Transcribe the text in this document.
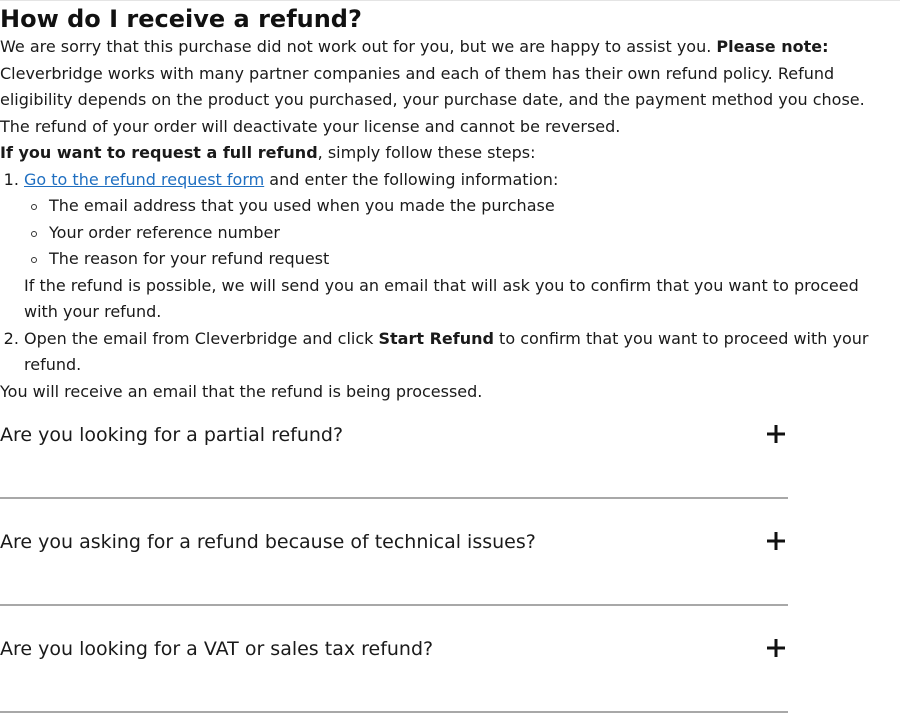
How do I receive a refund?

We are sorry that this purchase did not work out for you, but we are happy to assist you. Please note: Cleverbridge works with many partner companies and each of them has their own refund policy. Refund eligibility depends on the product you purchased, your purchase date, and the payment method you chose. The refund of your order will deactivate your license and cannot be reversed.

If you want to request a full refund, simply follow these steps:

1. Go to the refund request form and enter the following information:
The email address that you used when you made the purchase
Your order reference number
The reason for your refund request
If the refund is possible, we will send you an email that will ask you to confirm that you want to proceed with your refund.
2. Open the email from Cleverbridge and click Start Refund to confirm that you want to proceed with your refund.

You will receive an email that the refund is being processed.

Are you looking for a partial refund?
Are you asking for a refund because of technical issues?
Are you looking for a VAT or sales tax refund?
